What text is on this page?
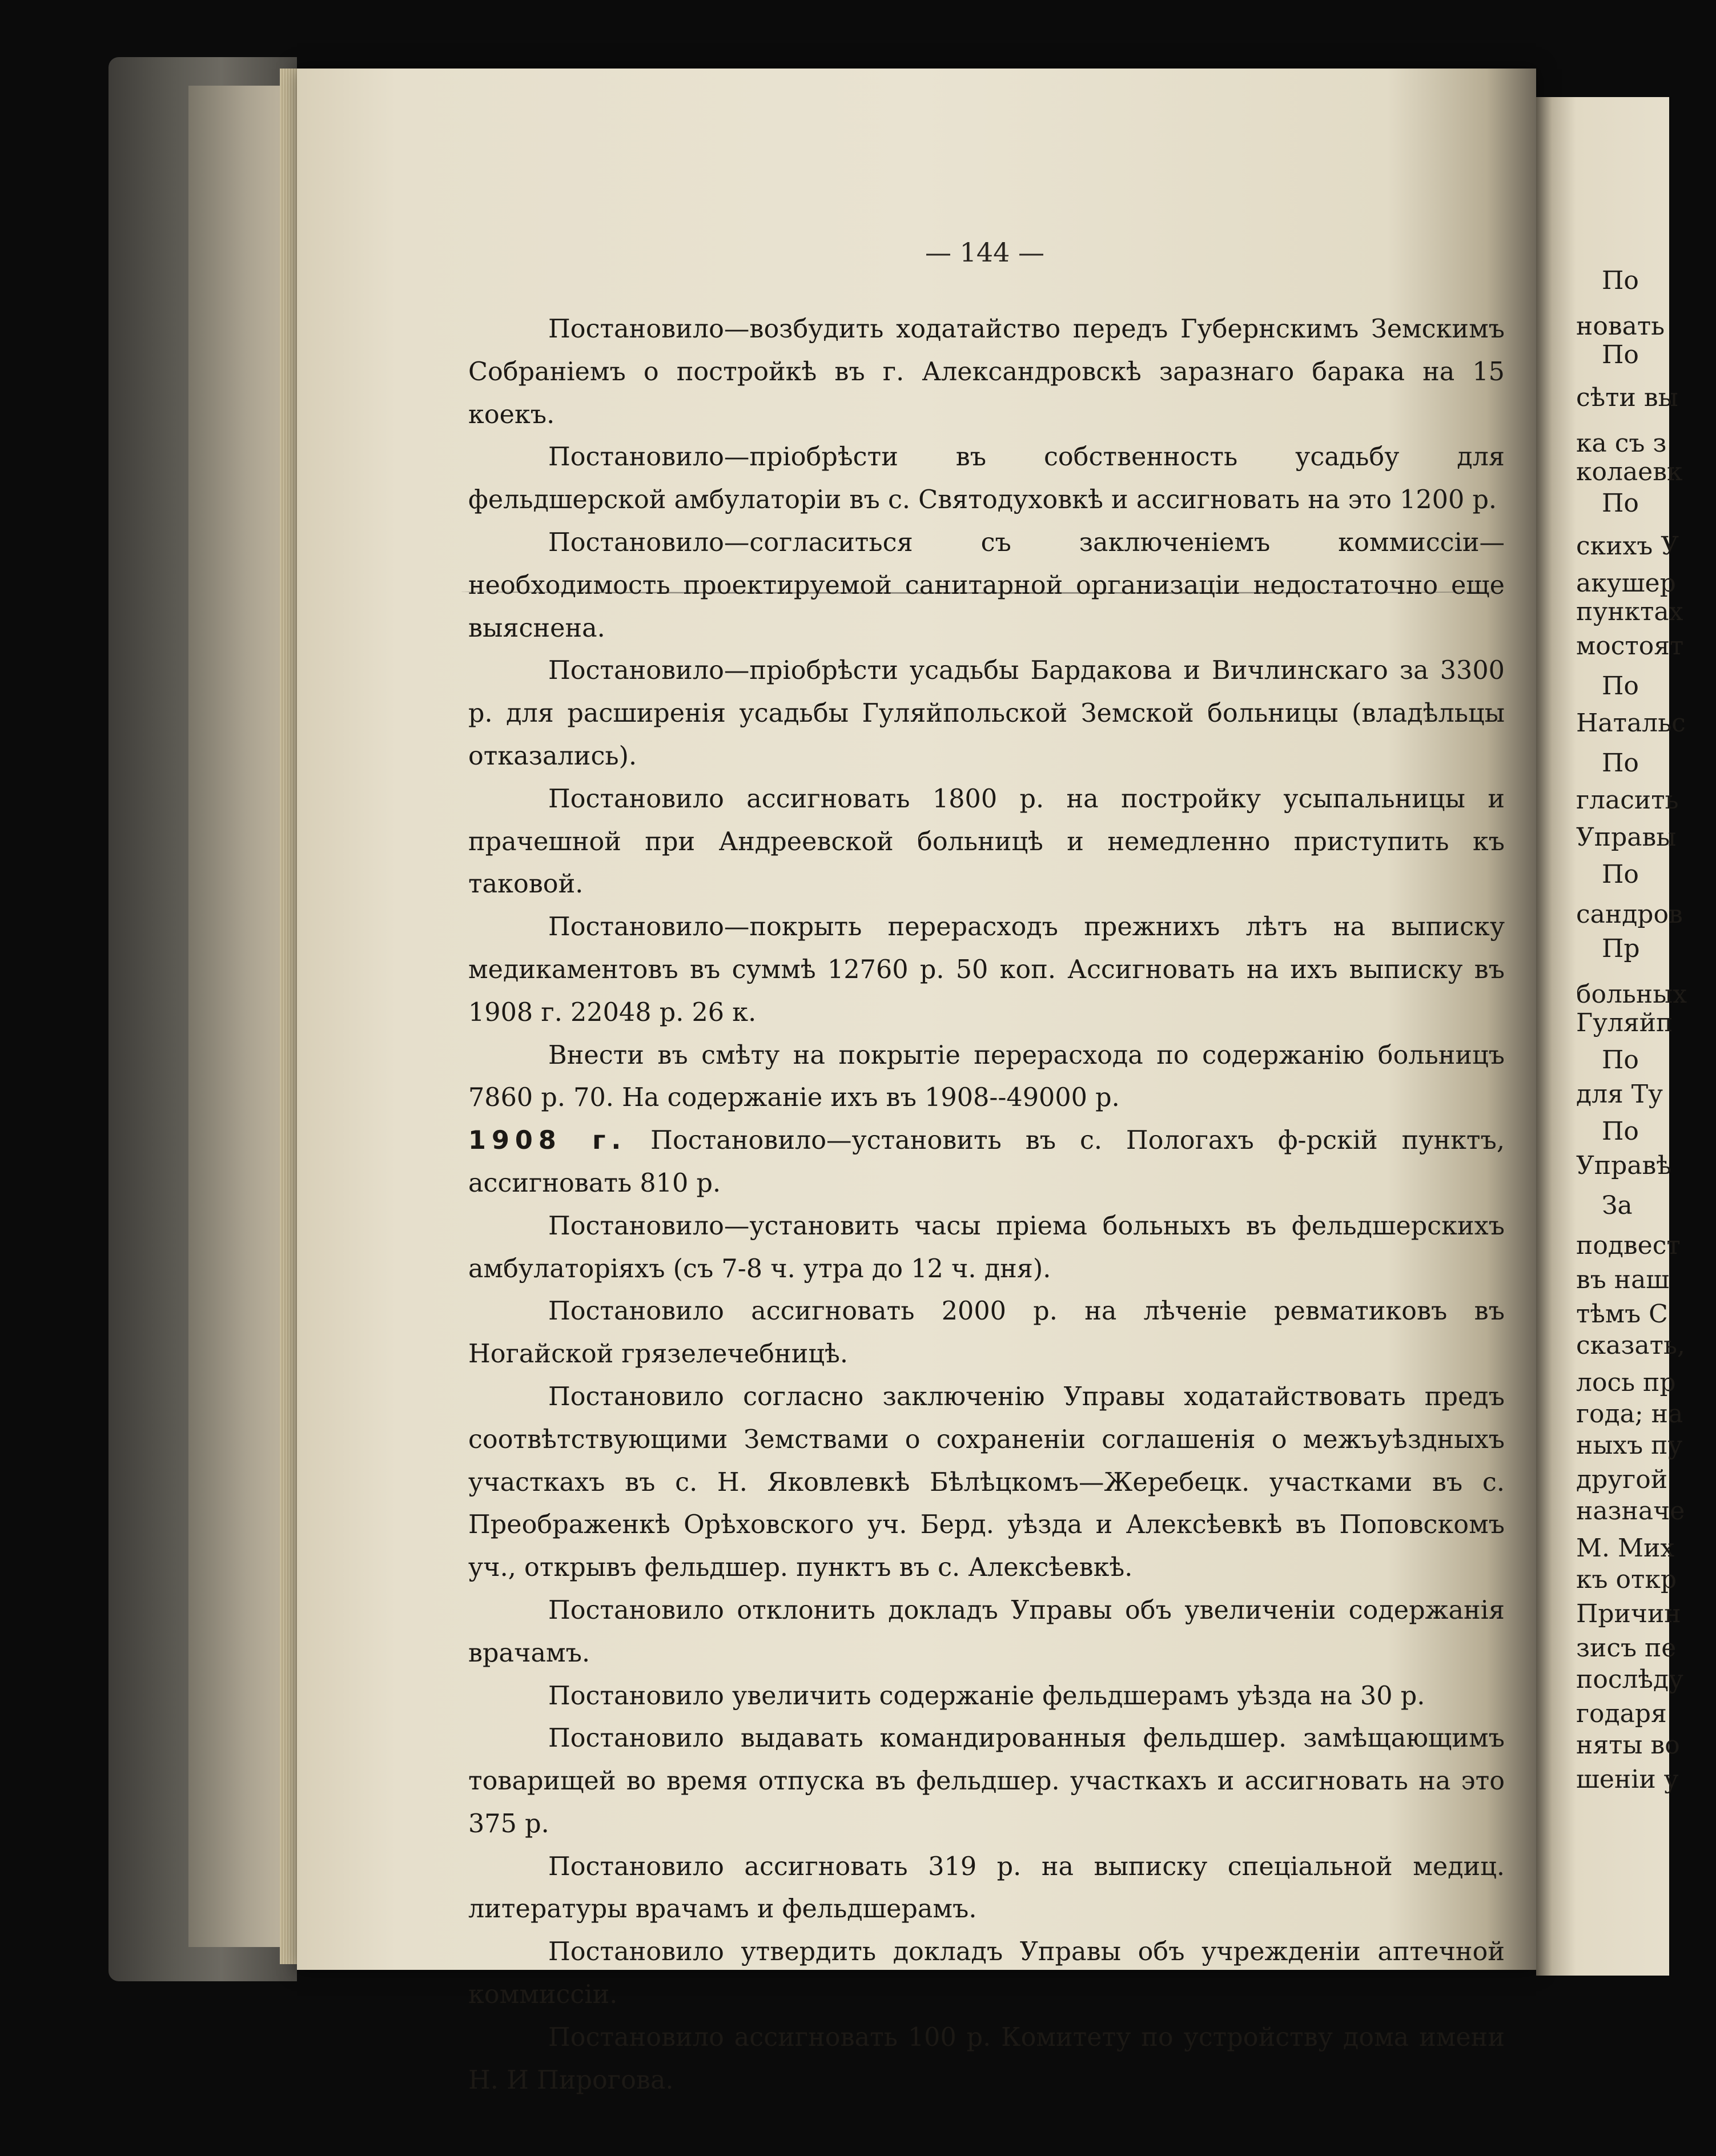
— 144 —

Постановило—возбудить ходатайство передъ Губернскимъ Земскимъ Собраніемъ о постройкѣ въ г. Александровскѣ заразнаго барака на 15 коекъ.

Постановило—пріобрѣсти въ собственность усадьбу для фельдшерской амбулаторіи въ с. Святодуховкѣ и ассигновать на это 1200 р.

Постановило—согласиться съ заключеніемъ коммиссіи—необходимость проектируемой санитарной организаціи недостаточно еще выяснена.

Постановило—пріобрѣсти усадьбы Бардакова и Вичлинскаго за 3300 р. для расширенія усадьбы Гуляйпольской Земской больницы (владѣльцы отказались).

Постановило ассигновать 1800 р. на постройку усыпальницы и прачешной при Андреевской больницѣ и немедленно приступить къ таковой.

Постановило—покрыть перерасходъ прежнихъ лѣтъ на выписку медикаментовъ въ суммѣ 12760 р. 50 коп. Ассигновать на ихъ выписку въ 1908 г. 22048 р. 26 к.

Внести въ смѣту на покрытіе перерасхода по содержанію больницъ 7860 р. 70. На содержаніе ихъ въ 1908--49000 р.

1908 г. Постановило—установить въ с. Пологахъ ф-рскій пунктъ, ассигновать 810 р.

Постановило—установить часы пріема больныхъ въ фельдшерскихъ амбулаторіяхъ (съ 7-8 ч. утра до 12 ч. дня).

Постановило ассигновать 2000 р. на лѣченіе ревматиковъ въ Ногайской грязелечебницѣ.

Постановило согласно заключенію Управы ходатайствовать предъ соотвѣтствующими Земствами о сохраненіи соглашенія о межъуѣздныхъ участкахъ въ с. Н. Яковлевкѣ Бѣлѣцкомъ—Жеребецк. участками въ с. Преображенкѣ Орѣховского уч. Берд. уѣзда и Алексѣевкѣ въ Поповскомъ уч., открывъ фельдшер. пунктъ въ с. Алексѣевкѣ.

Постановило отклонить докладъ Управы объ увеличеніи содержанія врачамъ.

Постановило увеличить содержаніе фельдшерамъ уѣзда на 30 р.

Постановило выдавать командированныя фельдшер. замѣщающимъ товарищей во время отпуска въ фельдшер. участкахъ и ассигновать на это 375 р.

Постановило ассигновать 319 р. на выписку спеціальной медиц. литературы врачамъ и фельдшерамъ.

Постановило утвердить докладъ Управы объ учрежденіи аптечной коммиссіи.

Постановило ассигновать 100 р. Комитету по устройству дома имени Н. И Пирогова.

По
новать
По
сѣти вы
ка съ з
колаевк
По
скихъ У
акушер
пунктах
мостоят
По
Натальс
По
гласить
Управы
По
сандров
Пр
больных
Гуляйп
По
для Ту
По
Управѣ
За
подвест
въ наш
тѣмъ С
сказать,
лось пр
года; на
ныхъ пу
другой
назначе
М. Мих
къ откр
Причин
зисъ пе
послѣду
годаря
няты во
шеніи у
